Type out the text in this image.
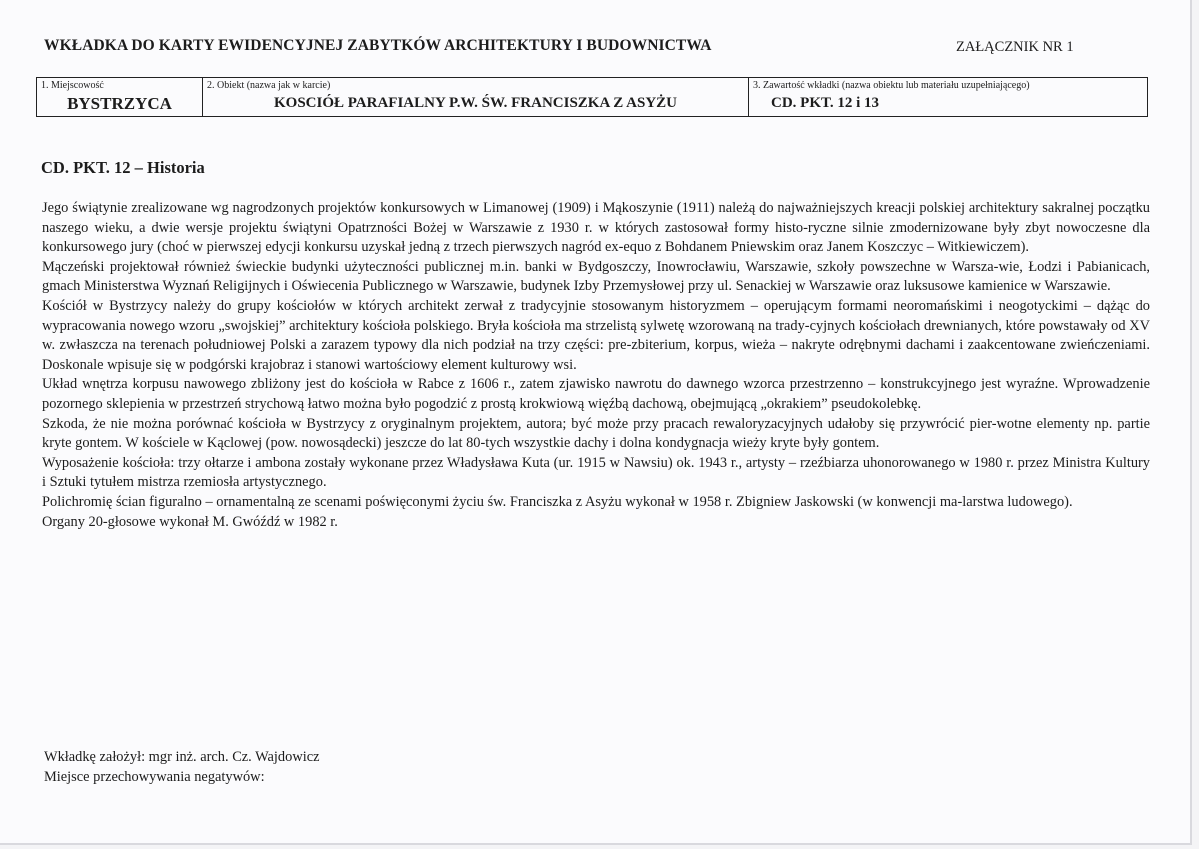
WKŁADKA DO KARTY EWIDENCYJNEJ ZABYTKÓW ARCHITEKTURY I BUDOWNICTWA	ZAŁĄCZNIK NR 1
1. Miejscowość
BYSTRZYCA
2. Obiekt (nazwa jak w karcie)
KOSCIÓŁ PARAFIALNY P.W. ŚW. FRANCISZKA Z ASYŻU
3. Zawartość wkładki (nazwa obiektu lub materiału uzupełniającego)
CD. PKT. 12 i 13
CD. PKT. 12 – Historia

Jego świątynie zrealizowane wg nagrodzonych projektów konkursowych w Limanowej (1909) i Mąkoszynie (1911) należą do najważniejszych kreacji polskiej architektury sakralnej początku naszego wieku, a dwie wersje projektu świątyni Opatrzności Bożej w Warszawie z 1930 r. w których zastosował formy histo-ryczne silnie zmodernizowane były zbyt nowoczesne dla konkursowego jury (choć w pierwszej edycji konkursu uzyskał jedną z trzech pierwszych nagród ex-equo z Bohdanem Pniewskim oraz Janem Koszczyc – Witkiewiczem).

Mączeński projektował również świeckie budynki użyteczności publicznej m.in. banki w Bydgoszczy, Inowrocławiu, Warszawie, szkoły powszechne w Warsza-wie, Łodzi i Pabianicach, gmach Ministerstwa Wyznań Religijnych i Oświecenia Publicznego w Warszawie, budynek Izby Przemysłowej przy ul. Senackiej w Warszawie oraz luksusowe kamienice w Warszawie.

Kościół w Bystrzycy należy do grupy kościołów w których architekt zerwał z tradycyjnie stosowanym historyzmem – operującym formami neoromańskimi i neogotyckimi – dążąc do wypracowania nowego wzoru „swojskiej” architektury kościoła polskiego. Bryła kościoła ma strzelistą sylwetę wzorowaną na trady-cyjnych kościołach drewnianych, które powstawały od XV w. zwłaszcza na terenach południowej Polski a zarazem typowy dla nich podział na trzy części: pre-zbiterium, korpus, wieża – nakryte odrębnymi dachami i zaakcentowane zwieńczeniami. Doskonale wpisuje się w podgórski krajobraz i stanowi wartościowy element kulturowy wsi.

Układ wnętrza korpusu nawowego zbliżony jest do kościoła w Rabce z 1606 r., zatem zjawisko nawrotu do dawnego wzorca przestrzenno – konstrukcyjnego jest wyraźne. Wprowadzenie pozornego sklepienia w przestrzeń strychową łatwo można było pogodzić z prostą krokwiową więźbą dachową, obejmującą „okrakiem” pseudokolebkę.

Szkoda, że nie można porównać kościoła w Bystrzycy z oryginalnym projektem, autora; być może przy pracach rewaloryzacyjnych udałoby się przywrócić pier-wotne elementy np. partie kryte gontem. W kościele w Kąclowej (pow. nowosądecki) jeszcze do lat 80-tych wszystkie dachy i dolna kondygnacja wieży kryte były gontem.

Wyposażenie kościoła: trzy ołtarze i ambona zostały wykonane przez Władysława Kuta (ur. 1915 w Nawsiu) ok. 1943 r., artysty – rzeźbiarza uhonorowanego w 1980 r. przez Ministra Kultury i Sztuki tytułem mistrza rzemiosła artystycznego.

Polichromię ścian figuralno – ornamentalną ze scenami poświęconymi życiu św. Franciszka z Asyżu wykonał w 1958 r. Zbigniew Jaskowski (w konwencji ma-larstwa ludowego).

Organy 20-głosowe wykonał M. Gwóźdź w 1982 r.

Wkładkę założył: mgr inż. arch. Cz. Wajdowicz
Miejsce przechowywania negatywów:
